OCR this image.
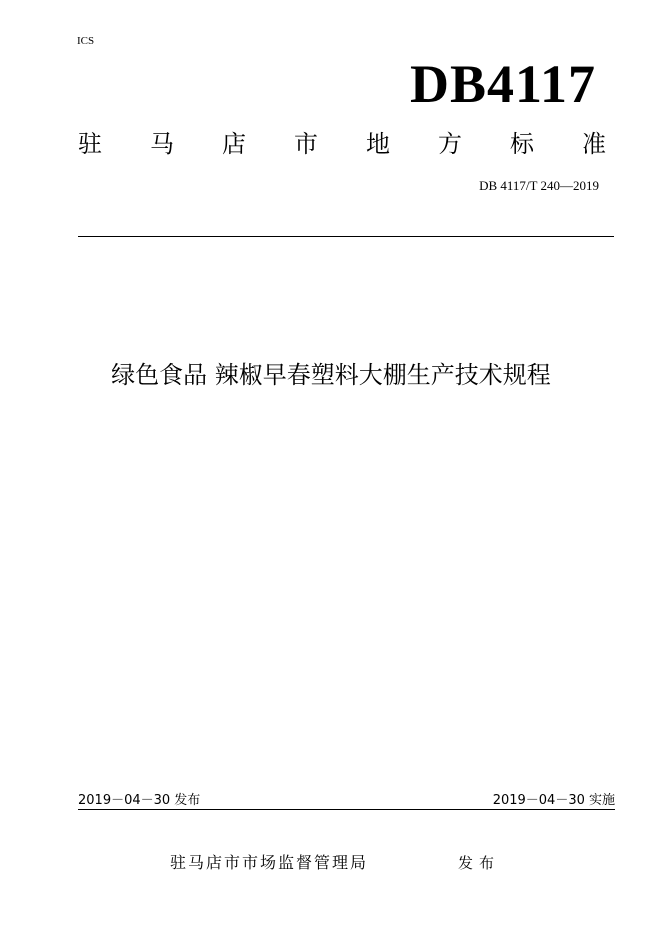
ICS
DB4117
驻 马 店 市 地 方 标 准
DB 4117/T 240—2019
绿色食品 辣椒早春塑料大棚生产技术规程
2019－04－30 发布	2019－04－30 实施
驻马店市市场监督管理局	发布
